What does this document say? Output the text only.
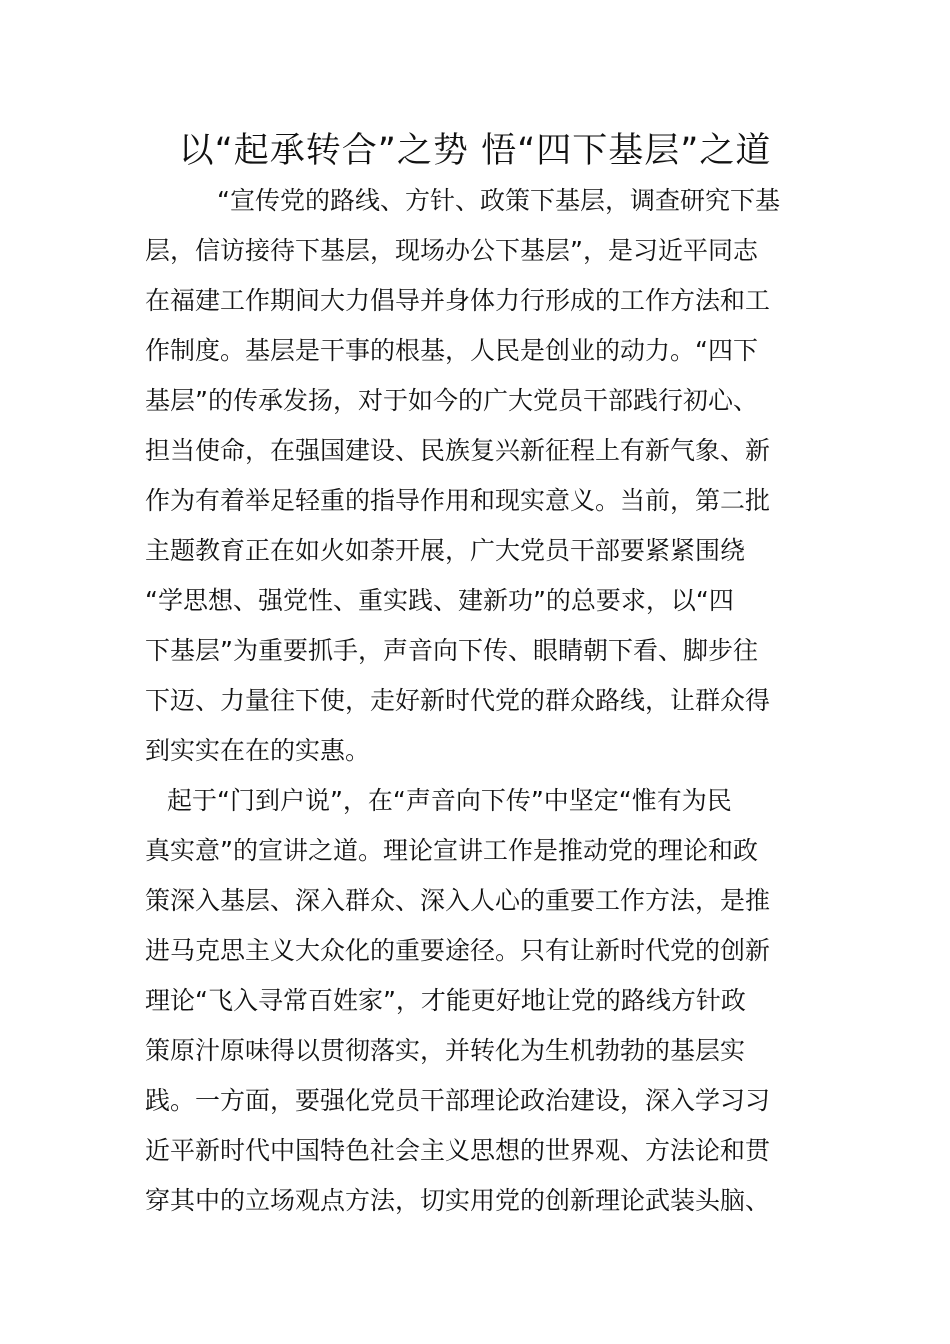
以“起承转合”之势 悟“四下基层”之道
“宣传党的路线、方针、政策下基层，调查研究下基
层，信访接待下基层，现场办公下基层”，是习近平同志
在福建工作期间大力倡导并身体力行形成的工作方法和工
作制度。基层是干事的根基，人民是创业的动力。“四下
基层”的传承发扬，对于如今的广大党员干部践行初心、
担当使命，在强国建设、民族复兴新征程上有新气象、新
作为有着举足轻重的指导作用和现实意义。当前，第二批
主题教育正在如火如荼开展，广大党员干部要紧紧围绕
“学思想、强党性、重实践、建新功”的总要求，以“四
下基层”为重要抓手，声音向下传、眼睛朝下看、脚步往
下迈、力量往下使，走好新时代党的群众路线，让群众得
到实实在在的实惠。
起于“门到户说”，在“声音向下传”中坚定“惟有为民
真实意”的宣讲之道。理论宣讲工作是推动党的理论和政
策深入基层、深入群众、深入人心的重要工作方法，是推
进马克思主义大众化的重要途径。只有让新时代党的创新
理论“飞入寻常百姓家”，才能更好地让党的路线方针政
策原汁原味得以贯彻落实，并转化为生机勃勃的基层实
践。一方面，要强化党员干部理论政治建设，深入学习习
近平新时代中国特色社会主义思想的世界观、方法论和贯
穿其中的立场观点方法，切实用党的创新理论武装头脑、
